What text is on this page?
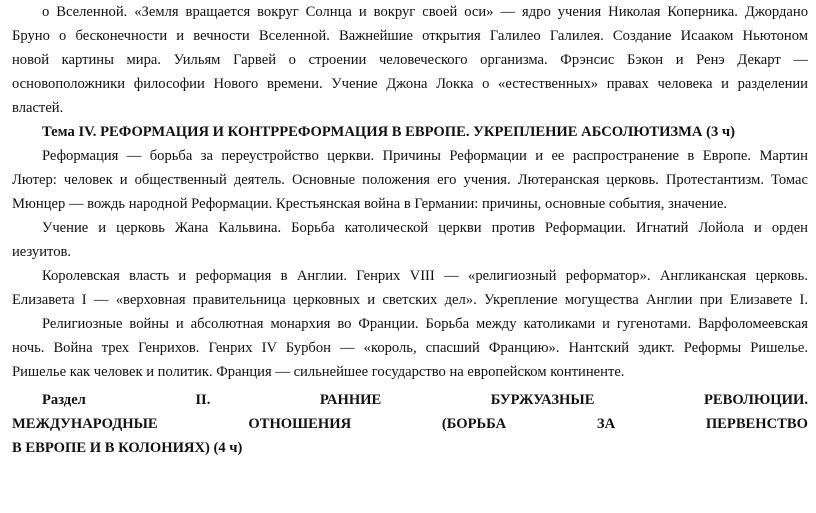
о Вселенной. «Земля вращается вокруг Солнца и вокруг своей оси» — ядро учения Николая Коперника. Джордано
Бруно о бесконечности и вечности Вселенной. Важнейшие открытия Галилео Галилея. Создание Исааком Ньютоном
новой картины мира. Уильям Гарвей о строении человеческого организма. Фрэнсис Бэкон и Ренэ Декарт —
основоположники философии Нового времени. Учение Джона Локка о «естественных» правах человека и разделении
властей.
Тема IV. РЕФОРМАЦИЯ И КОНТРРЕФОРМАЦИЯ В ЕВРОПЕ. УКРЕПЛЕНИЕ АБСОЛЮТИЗМА (3 ч)
Реформация — борьба за переустройство церкви. Причины Реформации и ее распространение в Европе. Мартин
Лютер: человек и общественный деятель. Основные положения его учения. Лютеранская церковь. Протестантизм. Томас
Мюнцер — вождь народной Реформации. Крестьянская война в Германии: причины, основные события, значение.
Учение и церковь Жана Кальвина. Борьба католической церкви против Реформации. Игнатий Лойола и орден
иезуитов.
Королевская власть и реформация в Англии. Генрих VIII — «религиозный реформатор». Англиканская церковь.
Елизавета I — «верховная правительница церковных и светских дел». Укрепление могущества Англии при Елизавете I.
Религиозные войны и абсолютная монархия во Франции. Борьба между католиками и гугенотами. Варфоломеевская
ночь. Война трех Генрихов. Генрих IV Бурбон — «король, спасший Францию». Нантский эдикт. Реформы Ришелье.
Ришелье как человек и политик. Франция — сильнейшее государство на европейском континенте.
Раздел II. РАННИЕ БУРЖУАЗНЫЕ РЕВОЛЮЦИИ.
МЕЖДУНАРОДНЫЕ ОТНОШЕНИЯ (БОРЬБА ЗА ПЕРВЕНСТВО
В ЕВРОПЕ И В КОЛОНИЯХ) (4 ч)
